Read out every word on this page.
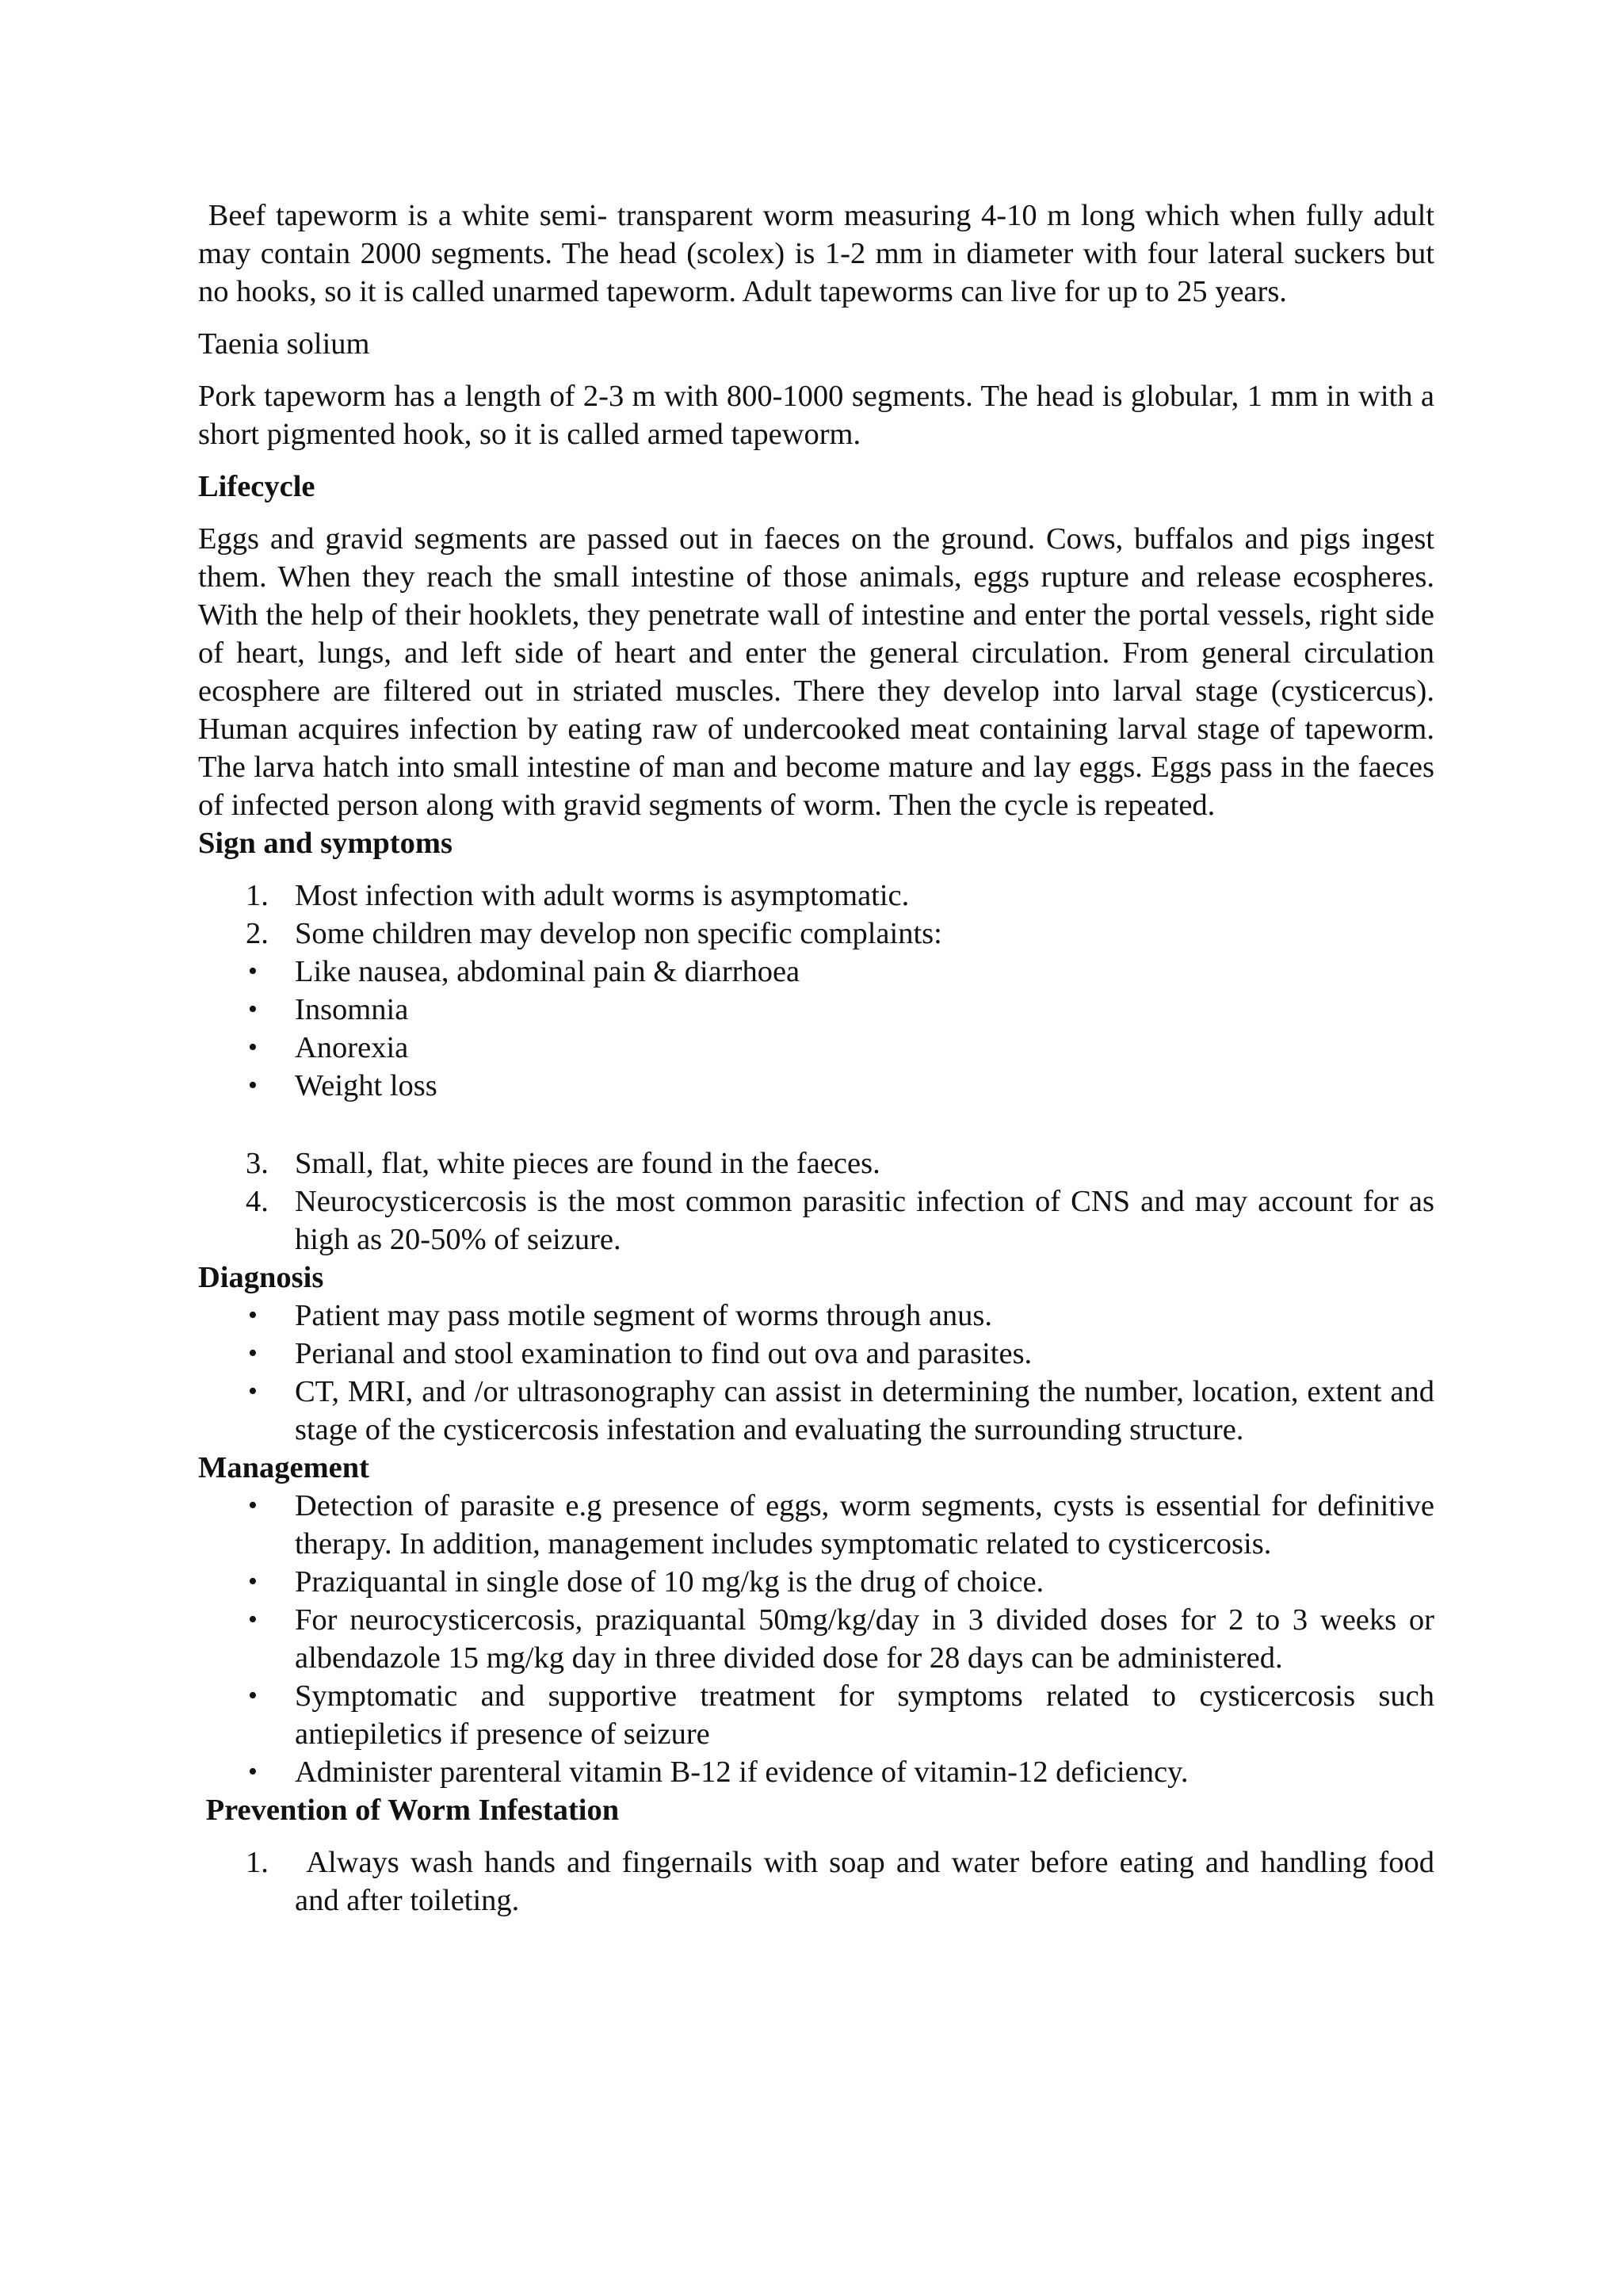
Beef tapeworm is a white semi- transparent worm measuring 4-10 m long which when fully adult may contain 2000 segments. The head (scolex) is 1-2 mm in diameter with four lateral suckers but no hooks, so it is called unarmed tapeworm. Adult tapeworms can live for up to 25 years.

Taenia solium

Pork tapeworm has a length of 2-3 m with 800-1000 segments. The head is globular, 1 mm in with a short pigmented hook, so it is called armed tapeworm.

Lifecycle

Eggs and gravid segments are passed out in faeces on the ground. Cows, buffalos and pigs ingest them. When they reach the small intestine of those animals, eggs rupture and release ecospheres. With the help of their hooklets, they penetrate wall of intestine and enter the portal vessels, right side of heart, lungs, and left side of heart and enter the general circulation. From general circulation ecosphere are filtered out in striated muscles. There they develop into larval stage (cysticercus). Human acquires infection by eating raw of undercooked meat containing larval stage of tapeworm. The larva hatch into small intestine of man and become mature and lay eggs. Eggs pass in the faeces of infected person along with gravid segments of worm. Then the cycle is repeated.

Sign and symptoms
1. Most infection with adult worms is asymptomatic.
2. Some children may develop non specific complaints:
• Like nausea, abdominal pain & diarrhoea
• Insomnia
• Anorexia
• Weight loss
3. Small, flat, white pieces are found in the faeces.
4. Neurocysticercosis is the most common parasitic infection of CNS and may account for as high as 20-50% of seizure.
Diagnosis
• Patient may pass motile segment of worms through anus.
• Perianal and stool examination to find out ova and parasites.
• CT, MRI, and /or ultrasonography can assist in determining the number, location, extent and stage of the cysticercosis infestation and evaluating the surrounding structure.
Management
• Detection of parasite e.g presence of eggs, worm segments, cysts is essential for definitive therapy. In addition, management includes symptomatic related to cysticercosis.
• Praziquantal in single dose of 10 mg/kg is the drug of choice.
• For neurocysticercosis, praziquantal 50mg/kg/day in 3 divided doses for 2 to 3 weeks or albendazole 15 mg/kg day in three divided dose for 28 days can be administered.
• Symptomatic and supportive treatment for symptoms related to cysticercosis such antiepiletics if presence of seizure
• Administer parenteral vitamin B-12 if evidence of vitamin-12 deficiency.
Prevention of Worm Infestation
1. Always wash hands and fingernails with soap and water before eating and handling food and after toileting.
